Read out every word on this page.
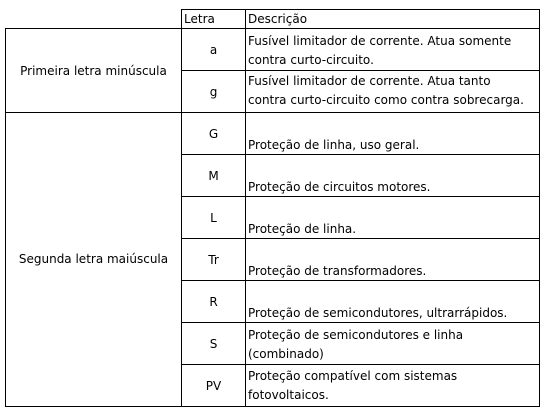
Letra	Descrição
Primeira letra minúscula
Segunda letra maiúscula
a
Fusível limitador de corrente. Atua somente
contra curto-circuito.
g
Fusível limitador de corrente. Atua tanto
contra curto-circuito como contra sobrecarga.
G
Proteção de linha, uso geral.
M
Proteção de circuitos motores.
L
Proteção de linha.
Tr
Proteção de transformadores.
R
Proteção de semicondutores, ultrarrápidos.
S
Proteção de semicondutores e linha
(combinado)
PV
Proteção compatível com sistemas
fotovoltaicos.
